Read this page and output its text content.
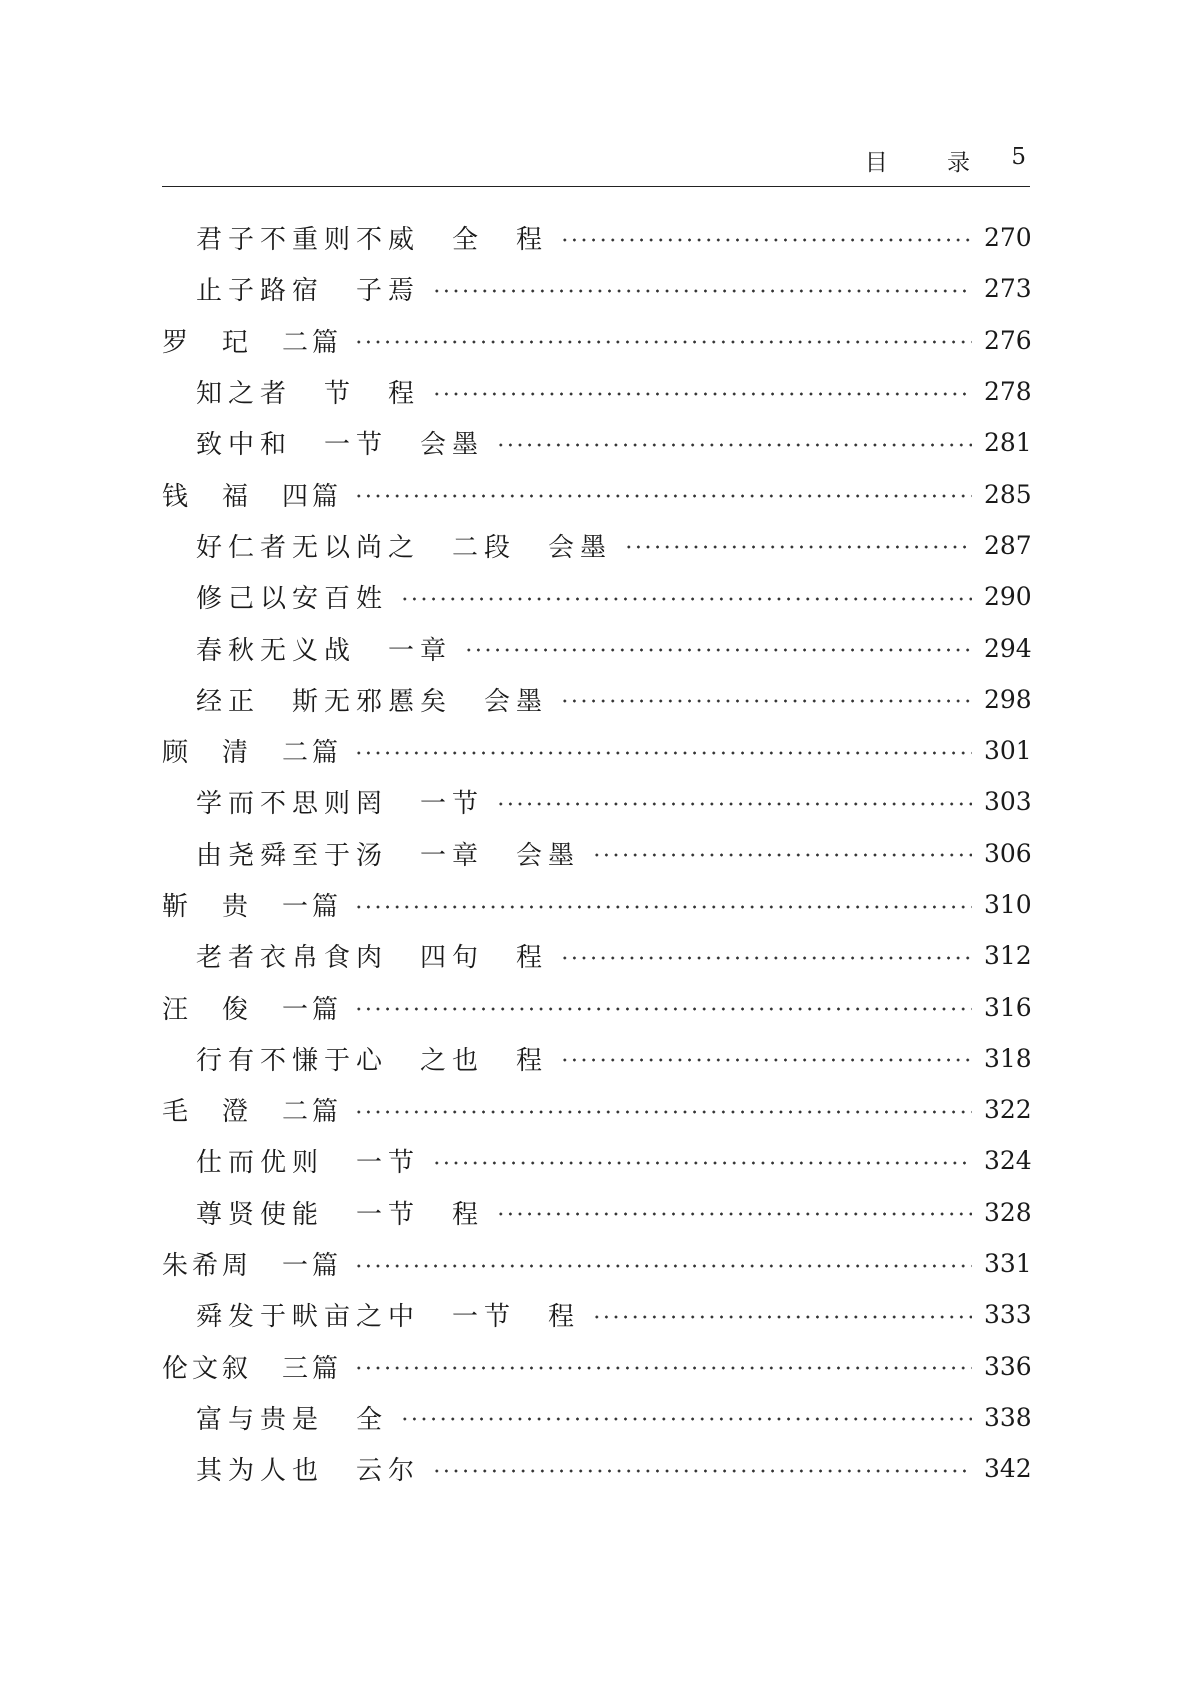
目 录 5
君子不重则不威　全　程	270
止子路宿　子焉	273
罗　玘　二篇	276
知之者　节　程	278
致中和　一节　会墨	281
钱　福　四篇	285
好仁者无以尚之　二段　会墨	287
修己以安百姓	290
春秋无义战　一章	294
经正　斯无邪慝矣　会墨	298
顾　清　二篇	301
学而不思则罔　一节	303
由尧舜至于汤　一章　会墨	306
靳　贵　一篇	310
老者衣帛食肉　四句　程	312
汪　俊　一篇	316
行有不慊于心　之也　程	318
毛　澄　二篇	322
仕而优则　一节	324
尊贤使能　一节　程	328
朱希周　一篇	331
舜发于畎亩之中　一节　程	333
伦文叙　三篇	336
富与贵是　全	338
其为人也　云尔	342
